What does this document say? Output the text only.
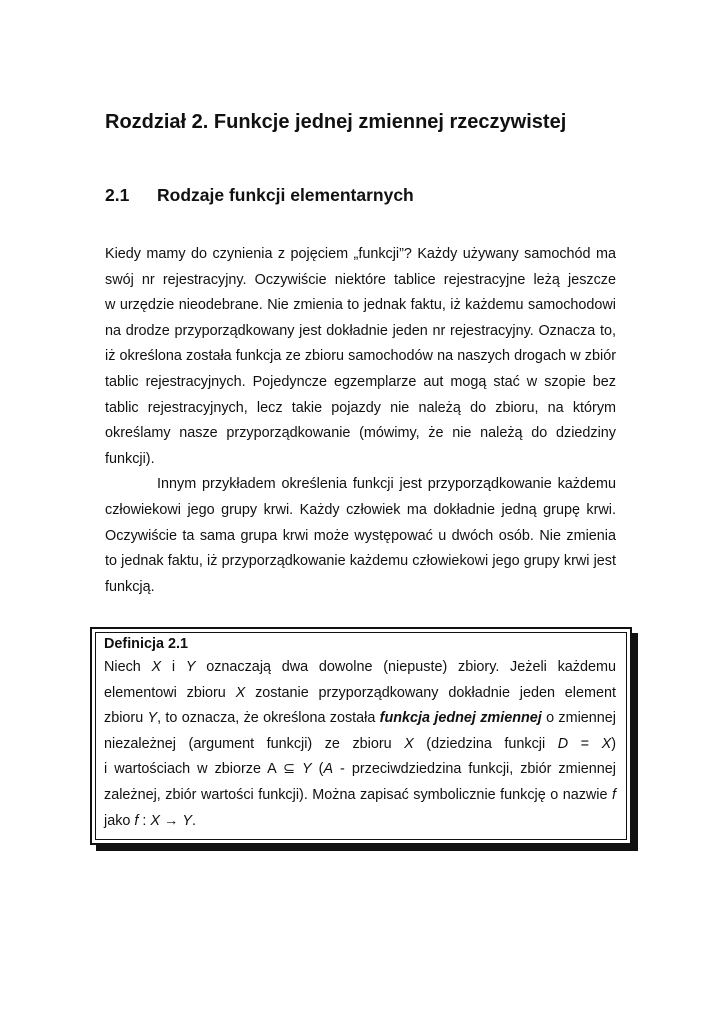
Rozdział 2. Funkcje jednej zmiennej rzeczywistej
2.1 Rodzaje funkcji elementarnych
Kiedy mamy do czynienia z pojęciem „funkcji”? Każdy używany samochód ma
swój nr rejestracyjny. Oczywiście niektóre tablice rejestracyjne leżą jeszcze
w urzędzie nieodebrane. Nie zmienia to jednak faktu, iż każdemu samochodowi
na drodze przyporządkowany jest dokładnie jeden nr rejestracyjny. Oznacza to,
iż określona została funkcja ze zbioru samochodów na naszych drogach w zbiór
tablic rejestracyjnych. Pojedyncze egzemplarze aut mogą stać w szopie bez
tablic rejestracyjnych, lecz takie pojazdy nie należą do zbioru, na którym
określamy nasze przyporządkowanie (mówimy, że nie należą do dziedziny
funkcji).
Innym przykładem określenia funkcji jest przyporządkowanie każdemu
człowiekowi jego grupy krwi. Każdy człowiek ma dokładnie jedną grupę krwi.
Oczywiście ta sama grupa krwi może występować u dwóch osób. Nie zmienia
to jednak faktu, iż przyporządkowanie każdemu człowiekowi jego grupy krwi jest
funkcją.
Definicja 2.1
Niech X i Y oznaczają dwa dowolne (niepuste) zbiory. Jeżeli każdemu
elementowi zbioru X zostanie przyporządkowany dokładnie jeden element
zbioru Y, to oznacza, że określona została funkcja jednej zmiennej o zmiennej
niezależnej (argument funkcji) ze zbioru X (dziedzina funkcji D = X)
i wartościach w zbiorze A ⊆ Y (A - przeciwdziedzina funkcji, zbiór zmiennej
zależnej, zbiór wartości funkcji). Można zapisać symbolicznie funkcję o nazwie f
jako f : X → Y.
